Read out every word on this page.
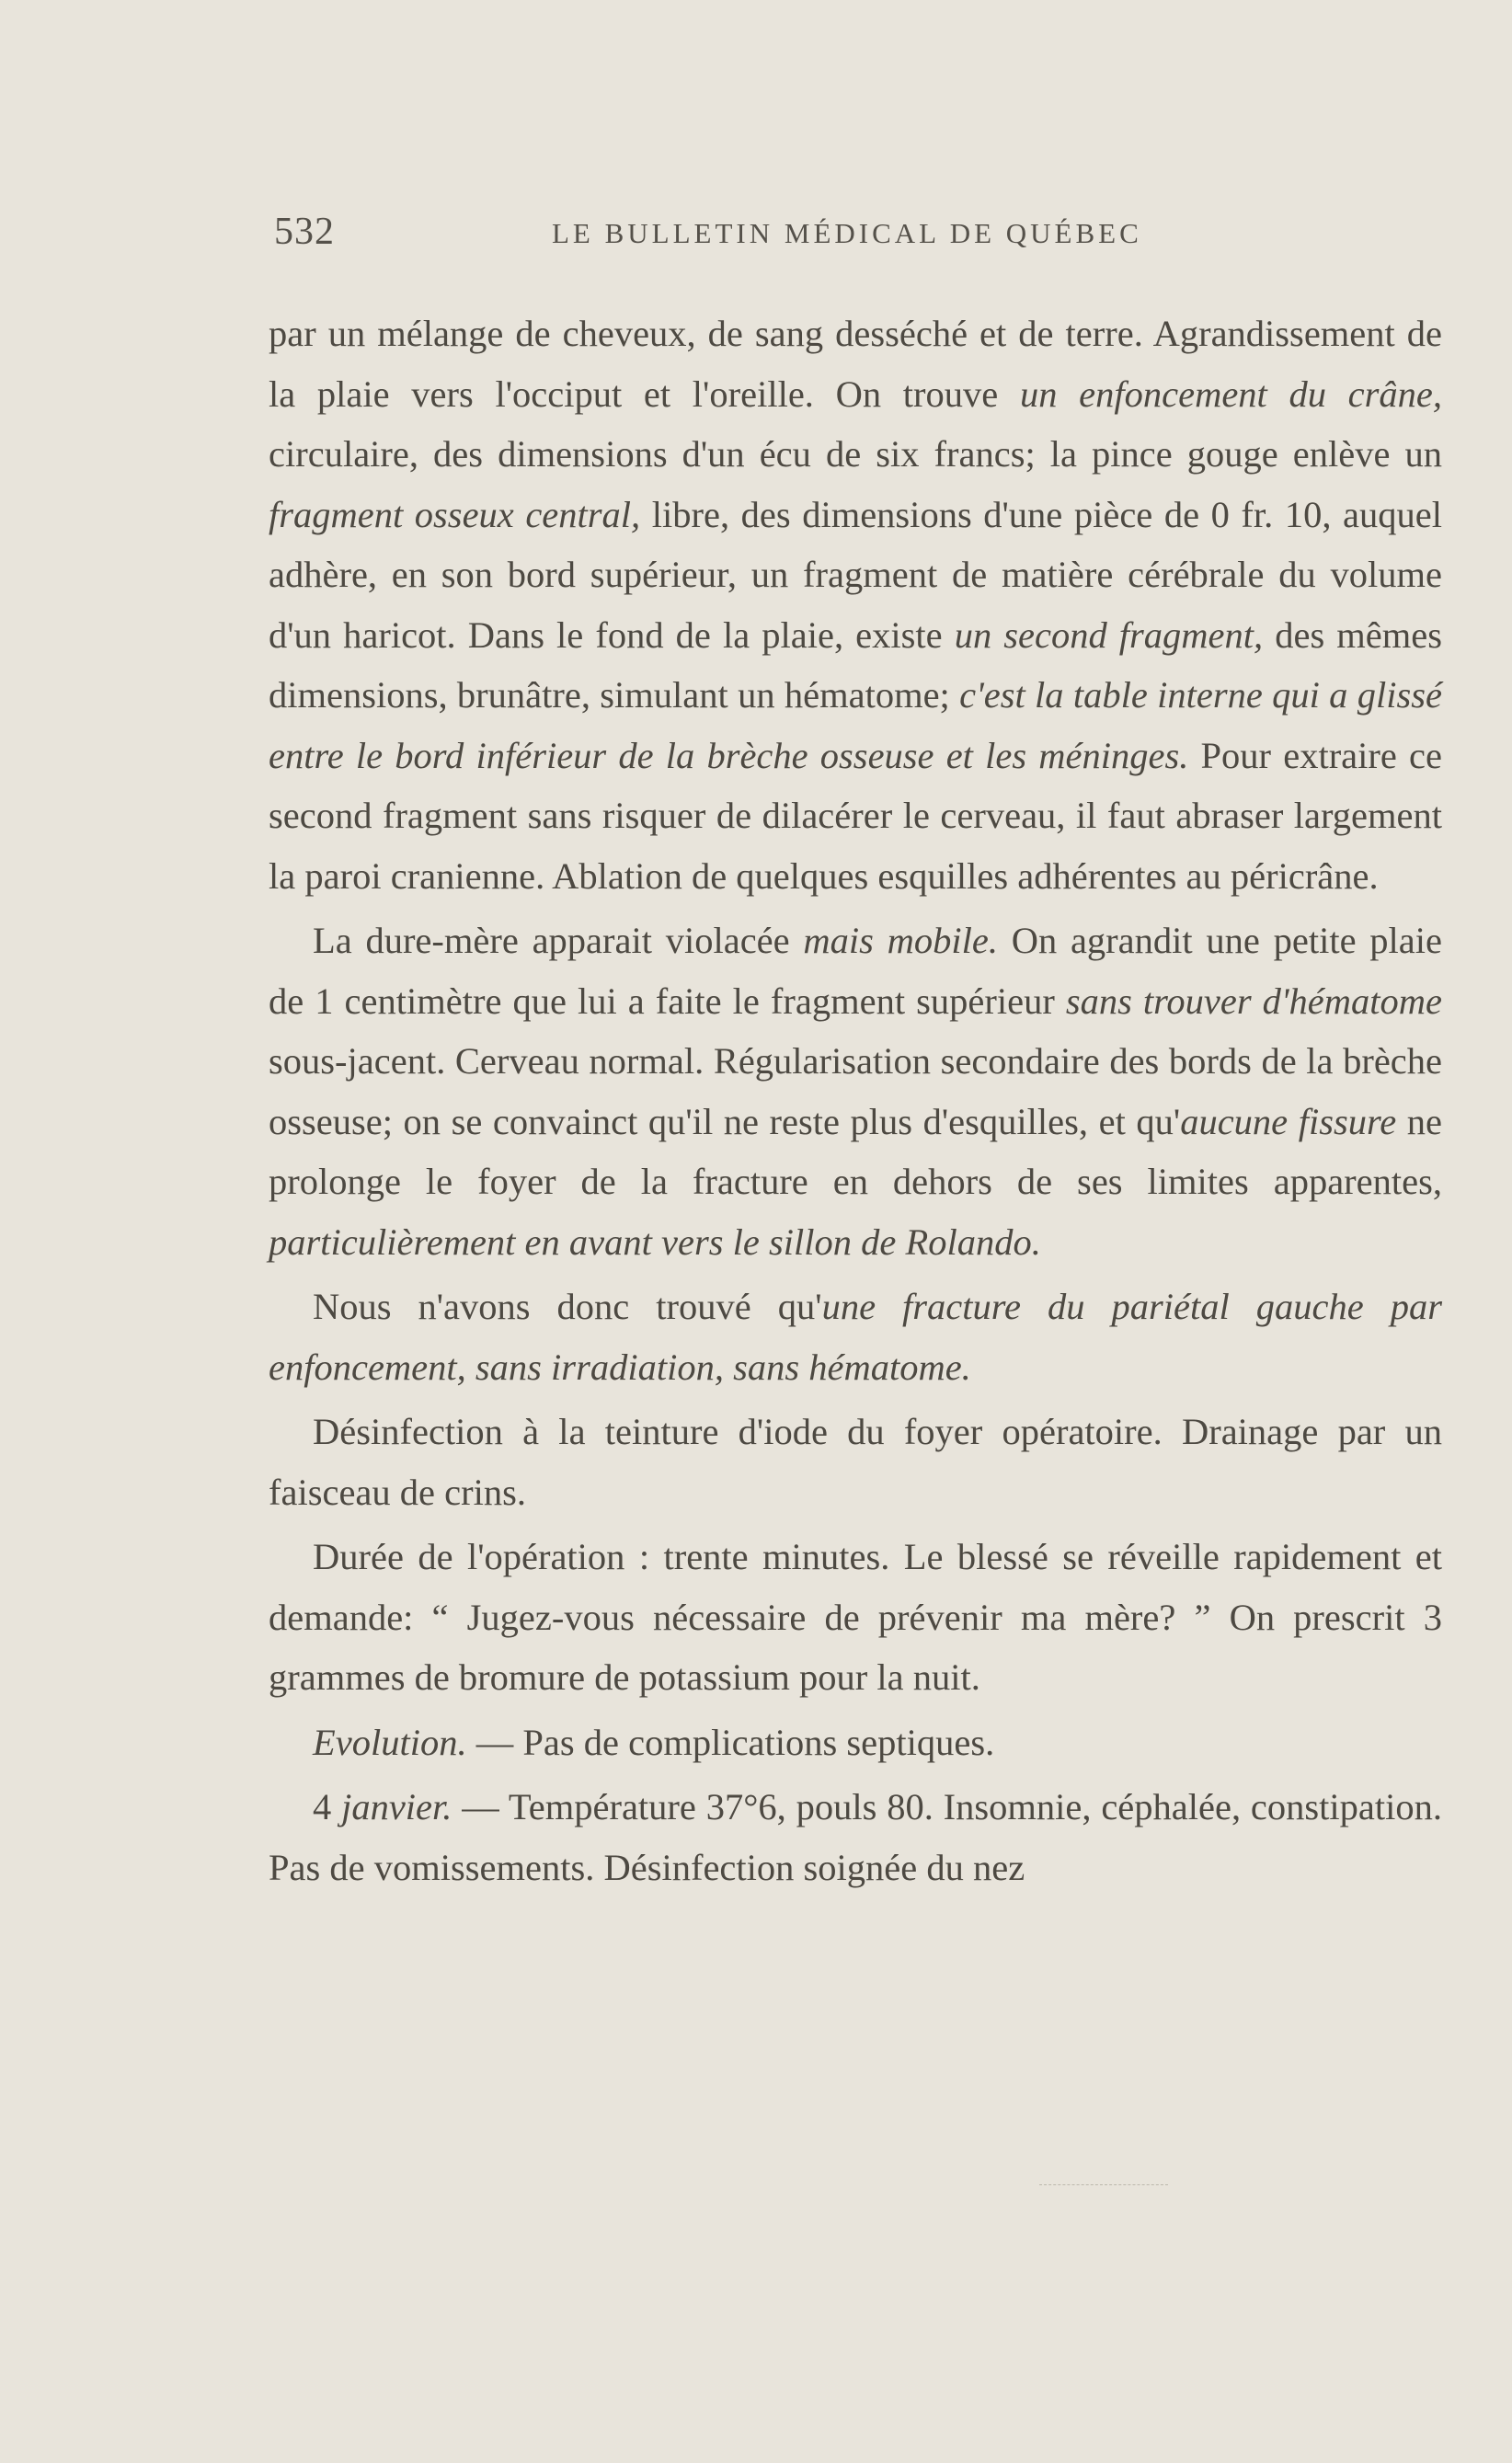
532	LE BULLETIN MÉDICAL DE QUÉBEC

par un mélange de cheveux, de sang desséché et de terre. Agrandissement de la plaie vers l'occiput et l'oreille. On trouve un enfoncement du crâne, circulaire, des dimensions d'un écu de six francs; la pince gouge enlève un fragment osseux central, libre, des dimensions d'une pièce de 0 fr. 10, auquel adhère, en son bord supérieur, un fragment de matière cérébrale du volume d'un haricot. Dans le fond de la plaie, existe un second fragment, des mêmes dimensions, brunâtre, simulant un hématome; c'est la table interne qui a glissé entre le bord inférieur de la brèche osseuse et les méninges. Pour extraire ce second fragment sans risquer de dilacérer le cerveau, il faut abraser largement la paroi cranienne. Ablation de quelques esquilles adhérentes au péricrâne.

La dure-mère apparait violacée mais mobile. On agrandit une petite plaie de 1 centimètre que lui a faite le fragment supérieur sans trouver d'hématome sous-jacent. Cerveau normal. Régularisation secondaire des bords de la brèche osseuse; on se convainct qu'il ne reste plus d'esquilles, et qu'aucune fissure ne prolonge le foyer de la fracture en dehors de ses limites apparentes, particulièrement en avant vers le sillon de Rolando.

Nous n'avons donc trouvé qu'une fracture du pariétal gauche par enfoncement, sans irradiation, sans hématome.

Désinfection à la teinture d'iode du foyer opératoire. Drainage par un faisceau de crins.

Durée de l'opération : trente minutes. Le blessé se réveille rapidement et demande: “ Jugez-vous nécessaire de prévenir ma mère? ” On prescrit 3 grammes de bromure de potassium pour la nuit.

Evolution. — Pas de complications septiques.

4 janvier. — Température 37°6, pouls 80. Insomnie, céphalée, constipation. Pas de vomissements. Désinfection soignée du nez
